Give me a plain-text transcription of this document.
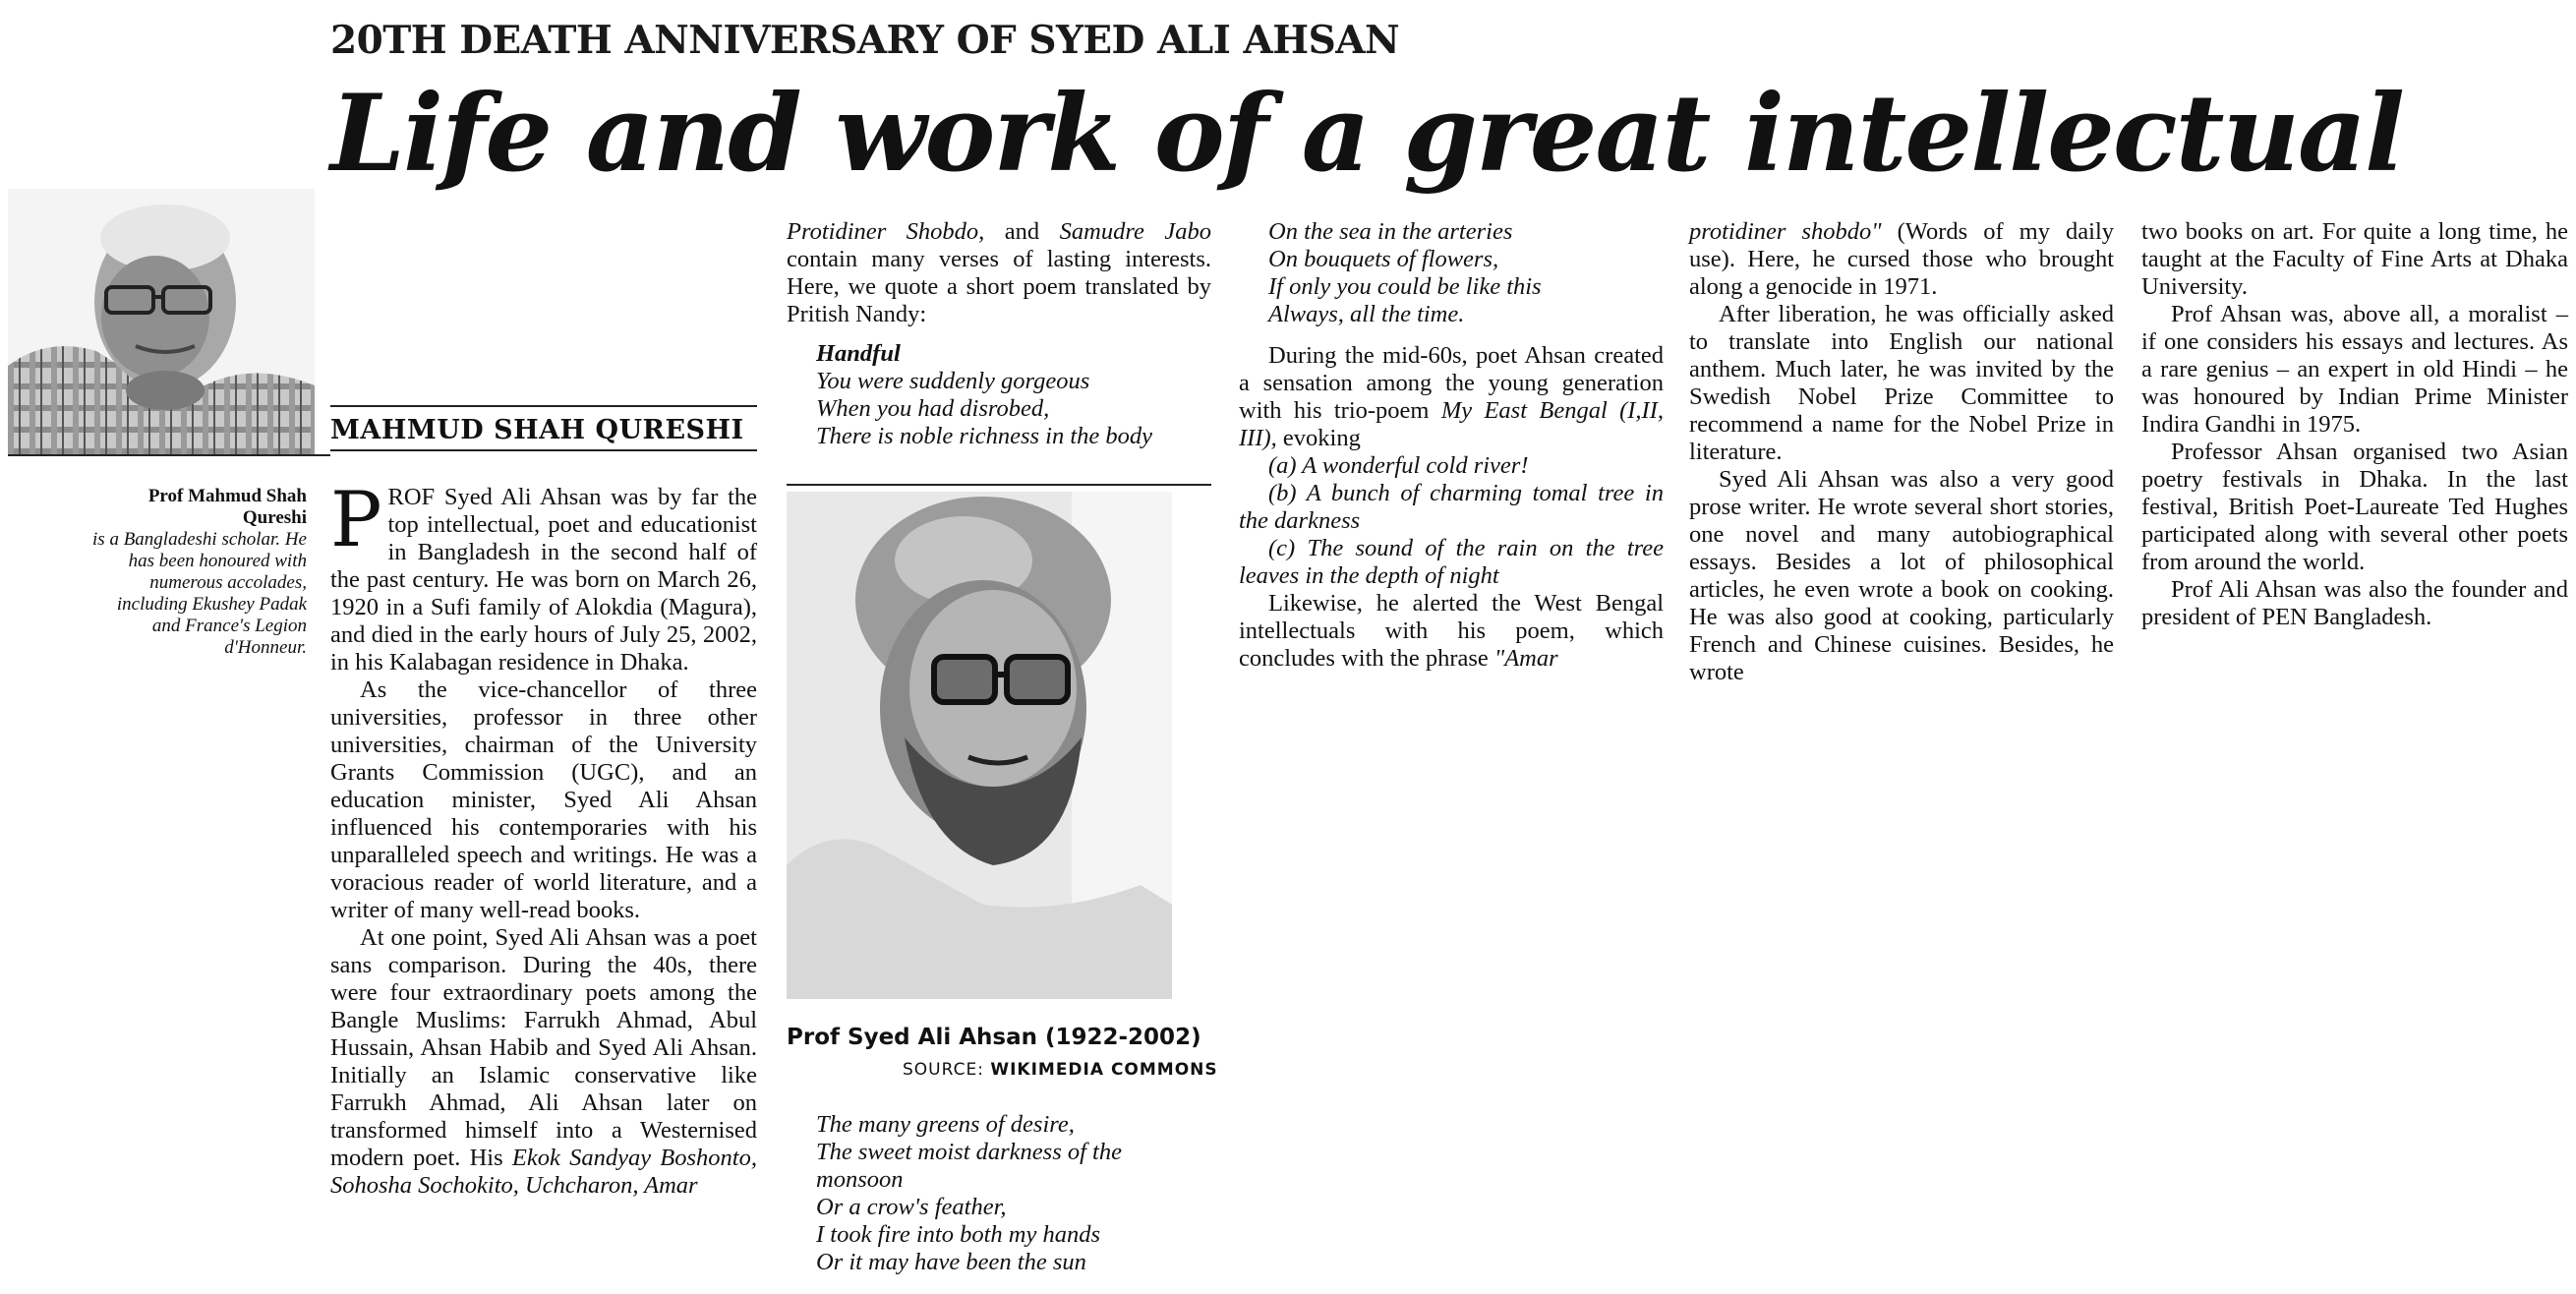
20TH DEATH ANNIVERSARY OF SYED ALI AHSAN
Life and work of a great intellectual
MAHMUD SHAH QURESHI
Prof Mahmud Shah
Qureshi
is a Bangladeshi scholar. He has been honoured with numerous accolades, including Ekushey Padak and France's Legion d'Honneur.

PROF Syed Ali Ahsan was by far the top intellectual, poet and educationist in Bangladesh in the second half of the past century. He was born on March 26, 1920 in a Sufi family of Alokdia (Magura), and died in the early hours of July 25, 2002, in his Kalabagan residence in Dhaka.

As the vice-chancellor of three universities, professor in three other universities, chairman of the University Grants Commission (UGC), and an education minister, Syed Ali Ahsan influenced his contemporaries with his unparalleled speech and writings. He was a voracious reader of world literature, and a writer of many well-read books.

At one point, Syed Ali Ahsan was a poet sans comparison. During the 40s, there were four extraordinary poets among the Bangle Muslims: Farrukh Ahmad, Abul Hussain, Ahsan Habib and Syed Ali Ahsan. Initially an Islamic conservative like Farrukh Ahmad, Ali Ahsan later on transformed himself into a Westernised modern poet. His Ekok Sandyay Boshonto, Sohosha Sochokito, Uchcharon, Amar

Protidiner Shobdo, and Samudre Jabo contain many verses of lasting interests. Here, we quote a short poem translated by Pritish Nandy:

Handful
You were suddenly gorgeous
When you had disrobed,
There is noble richness in the body
Prof Syed Ali Ahsan (1922-2002)
SOURCE: WIKIMEDIA COMMONS
The many greens of desire,
The sweet moist darkness of the monsoon
Or a crow's feather,
I took fire into both my hands
Or it may have been the sun
On the sea in the arteries
On bouquets of flowers,
If only you could be like this
Always, all the time.

During the mid-60s, poet Ahsan created a sensation among the young generation with his trio-poem My East Bengal (I,II, III), evoking

(a) A wonderful cold river!
(b) A bunch of charming tomal tree in the darkness
(c) The sound of the rain on the tree leaves in the depth of night

Likewise, he alerted the West Bengal intellectuals with his poem, which concludes with the phrase "Amar

protidiner shobdo" (Words of my daily use). Here, he cursed those who brought along a genocide in 1971.

After liberation, he was officially asked to translate into English our national anthem. Much later, he was invited by the Swedish Nobel Prize Committee to recommend a name for the Nobel Prize in literature.

Syed Ali Ahsan was also a very good prose writer. He wrote several short stories, one novel and many autobiographical essays. Besides a lot of philosophical articles, he even wrote a book on cooking. He was also good at cooking, particularly French and Chinese cuisines. Besides, he wrote

two books on art. For quite a long time, he taught at the Faculty of Fine Arts at Dhaka University.

Prof Ahsan was, above all, a moralist – if one considers his essays and lectures. As a rare genius – an expert in old Hindi – he was honoured by Indian Prime Minister Indira Gandhi in 1975.

Professor Ahsan organised two Asian poetry festivals in Dhaka. In the last festival, British Poet-Laureate Ted Hughes participated along with several other poets from around the world.

Prof Ali Ahsan was also the founder and president of PEN Bangladesh.
